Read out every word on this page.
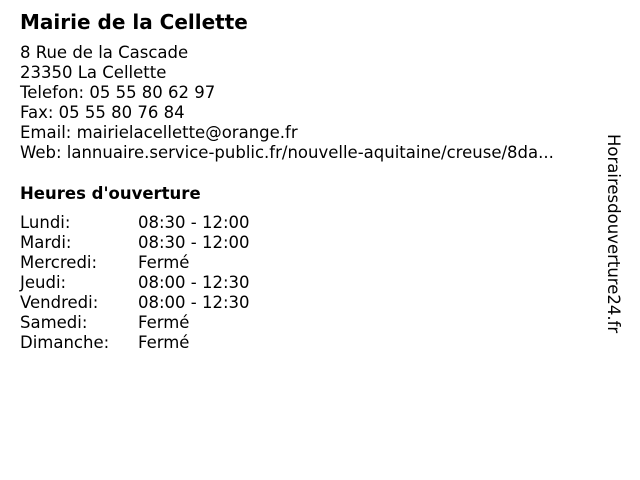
Mairie de la Cellette
8 Rue de la Cascade
23350 La Cellette
Telefon: 05 55 80 62 97
Fax: 05 55 80 76 84
Email: mairielacellette@orange.fr
Web: lannuaire.service-public.fr/nouvelle-aquitaine/creuse/8da...
Heures d'ouverture
Lundi:	08:30 - 12:00
Mardi:	08:30 - 12:00
Mercredi: Fermé
Jeudi:	08:00 - 12:30
Vendredi: 08:00 - 12:30
Samedi:	Fermé
Dimanche: Fermé
Horairesdouverture24.fr
